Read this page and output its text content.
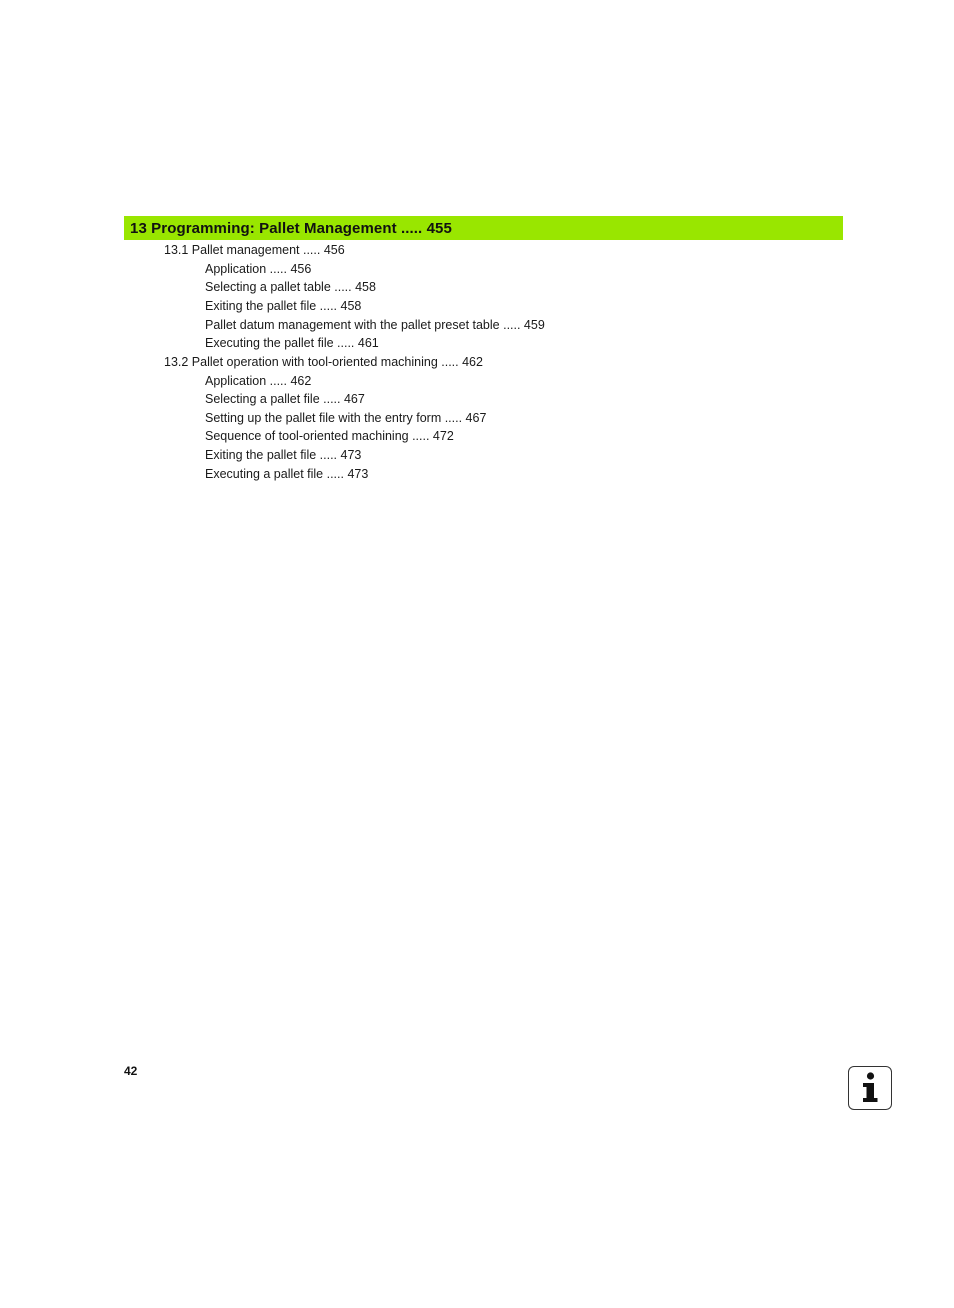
13 Programming: Pallet Management ..... 455
13.1 Pallet management ..... 456
Application ..... 456
Selecting a pallet table ..... 458
Exiting the pallet file ..... 458
Pallet datum management with the pallet preset table ..... 459
Executing the pallet file ..... 461
13.2 Pallet operation with tool-oriented machining ..... 462
Application ..... 462
Selecting a pallet file ..... 467
Setting up the pallet file with the entry form ..... 467
Sequence of tool-oriented machining ..... 472
Exiting the pallet file ..... 473
Executing a pallet file ..... 473
42
